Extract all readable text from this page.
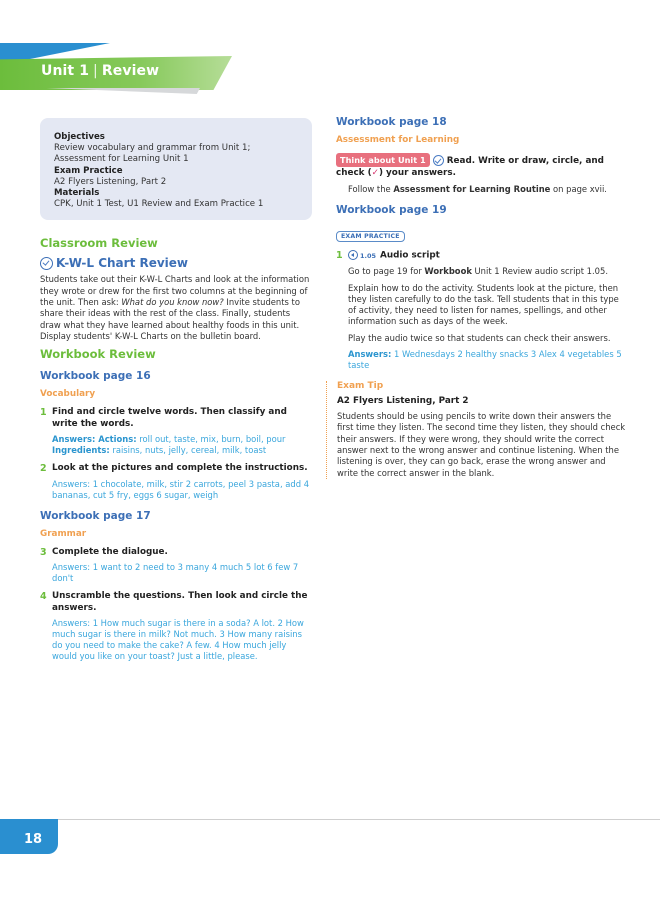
Unit 1 | Review
Objectives
Review vocabulary and grammar from Unit 1; Assessment for Learning Unit 1
Exam Practice
A2 Flyers Listening, Part 2
Materials
CPK, Unit 1 Test, U1 Review and Exam Practice 1
Classroom Review
K-W-L Chart Review

Students take out their K-W-L Charts and look at the information they wrote or drew for the first two columns at the beginning of the unit. Then ask: What do you know now? Invite students to share their ideas with the rest of the class. Finally, students draw what they have learned about healthy foods in this unit. Display students' K-W-L Charts on the bulletin board.

Workbook Review
Workbook page 16
Vocabulary
1 Find and circle twelve words. Then classify and write the words.
Answers: Actions: roll out, taste, mix, burn, boil, pour
Ingredients: raisins, nuts, jelly, cereal, milk, toast
2 Look at the pictures and complete the instructions.
Answers: 1 chocolate, milk, stir 2 carrots, peel 3 pasta, add 4 bananas, cut 5 fry, eggs 6 sugar, weigh
Workbook page 17
Grammar
3 Complete the dialogue.
Answers: 1 want to 2 need to 3 many 4 much 5 lot 6 few 7 don't
4 Unscramble the questions. Then look and circle the answers.
Answers: 1 How much sugar is there in a soda? A lot. 2 How much sugar is there in milk? Not much. 3 How many raisins do you need to make the cake? A few. 4 How much jelly would you like on your toast? Just a little, please.
Workbook page 18
Assessment for Learning
Think about Unit 1 Read. Write or draw, circle, and check (✓) your answers.

Follow the Assessment for Learning Routine on page xvii.

Workbook page 19
EXAM PRACTICE
1	1.05 Audio script

Go to page 19 for Workbook Unit 1 Review audio script 1.05.

Explain how to do the activity. Students look at the picture, then they listen carefully to do the task. Tell students that in this type of activity, they need to listen for names, spellings, and other information such as days of the week.

Play the audio twice so that students can check their answers.

Answers: 1 Wednesdays 2 healthy snacks 3 Alex 4 vegetables 5 taste
Exam Tip
A2 Flyers Listening, Part 2

Students should be using pencils to write down their answers the first time they listen. The second time they listen, they should check their answers. If they were wrong, they should write the correct answer next to the wrong answer and continue listening. When the listening is over, they can go back, erase the wrong answer and write the correct answer in the blank.

18
